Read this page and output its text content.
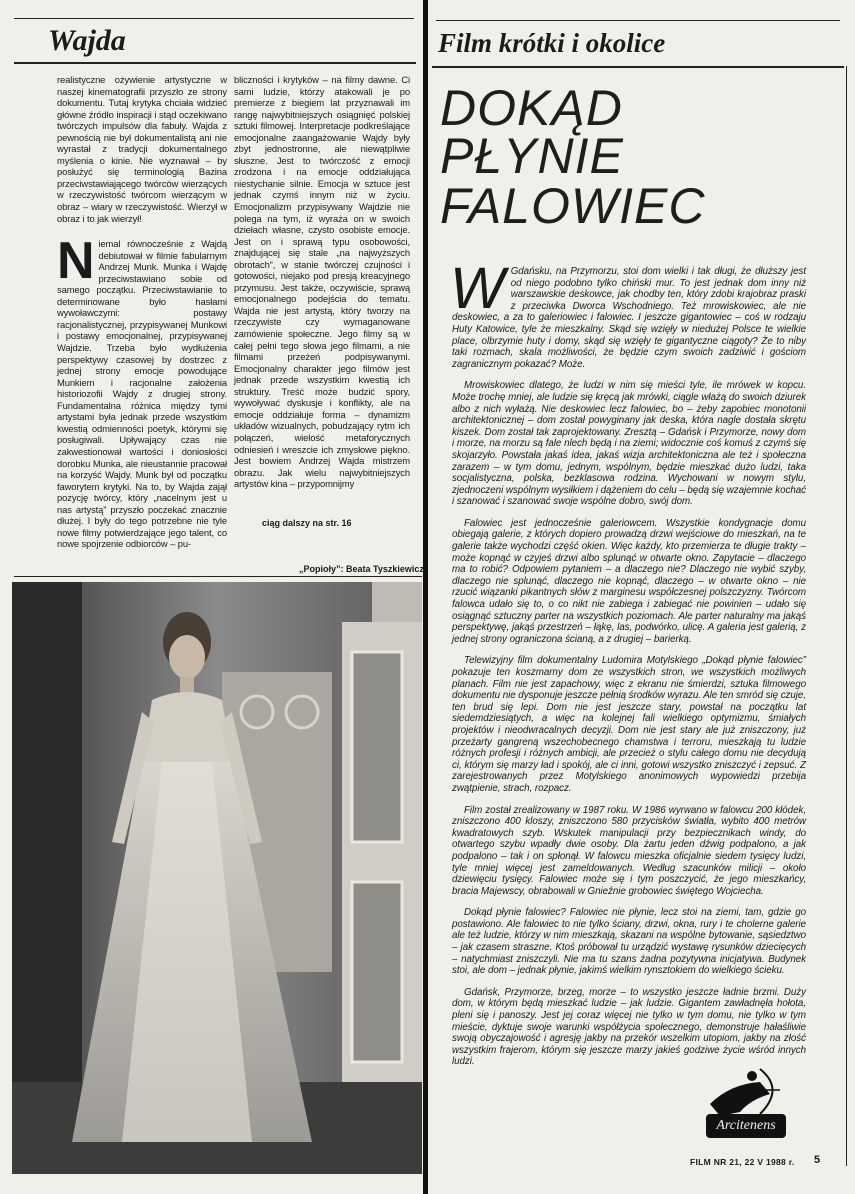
Wajda	Film krótki i okolice

realistyczne ożywienie artystyczne w naszej kinematografii przyszło ze strony dokumentu. Tutaj krytyka chciała widzieć główne źródło inspiracji i stąd oczekiwano twórczych impulsów dla fabuły. Wajda z pewnością nie był dokumentalistą ani nie wyrastał z tradycji dokumentalnego myślenia o kinie. Nie wyznawał – by posłużyć się terminologią Bazina przeciwstawiającego twórców wierzących w rzeczywistość twórcom wierzącym w obraz – wiary w rzeczywistość. Wierzył w obraz i to jak wierzył!

Niemal równocześnie z Wajdą debiutował w filmie fabularnym Andrzej Munk. Munka i Wajdę przeciwstawiano sobie od samego początku. Przeciwstawianie to determinowane było hasłami wywoławczymi: postawy racjonalistycznej, przypisywanej Munkowi i postawy emocjonalnej, przypisywanej Wajdzie. Trzeba było wydłużenia perspektywy czasowej by dostrzec z jednej strony emocje powodujące Munkiem i racjonalne założenia historiozofii Wajdy z drugiej strony. Fundamentalna różnica między tymi artystami była jednak przede wszystkim kwestią odmienności poetyk, którymi się posługiwali. Upływający czas nie zakwestionował wartości i doniosłości dorobku Munka, ale nieustannie pracował na korzyść Wajdy. Munk był od początku faworytem krytyki. Na to, by Wajda zajął pozycję twórcy, który „nacelnym jest u nas artystą” przyszło poczekać znacznie dłużej. I były do tego potrzebne nie tyle nowe filmy potwierdzające jego talent, co nowe spojrzenie odbiorców – pu-

bliczności i krytyków – na filmy dawne. Ci sami ludzie, którzy atakowali je po premierze z biegiem lat przyznawali im rangę najwybitniejszych osiągnięć polskiej sztuki filmowej. Interpretacje podkreślające emocjonalne zaangażowanie Wajdy były zbyt jednostronne, ale niewątpliwie słuszne. Jest to twórczość z emocji zrodzona i na emocje oddziałująca niestychanie silnie. Emocja w sztuce jest jednak czymś innym niż w życiu. Emocjonalizm przypisywany Wajdzie nie polega na tym, iż wyraża on w swoich dziełach własne, czysto osobiste emocje. Jest on i sprawą typu osobowości, znajdującej się stale „na najwyższych obrotach”, w stanie twórczej czujności i gotowości, niejako pod presją kreacyjnego przymusu. Jest także, oczywiście, sprawą emocjonalnego podejścia do tematu. Wajda nie jest artystą, który tworzy na rzeczywiste czy wymaganowane zamówienie społeczne. Jego filmy są w całej pełni tego słowa jego filmami, a nie filmami przeżeń podpisywanymi. Emocjonalny charakter jego filmów jest jednak przede wszystkim kwestią ich struktury. Treść może budzić spory, wywoływać dyskusje i konflikty, ale na emocje oddziałuje forma – dynamizm układów wizualnych, pobudzający rytm ich połączeń, wielość metaforycznych odniesień i wreszcie ich zmysłowe piękno. Jest bowiem Andrzej Wajda mistrzem obrazu. Jak wielu najwybitniejszych artystów kina – przypomnijmy

ciąg dalszy na str. 16
„Popioły”: Beata Tyszkiewicz
DOKĄD
PŁYNIE
FALOWIEC

W Gdańsku, na Przymorzu, stoi dom wielki i tak długi, że dłuższy jest od niego podobno tylko chiński mur. To jest jednak dom inny niż warszawskie deskowce, jak chodby ten, który zdobi krajobraz praski z przeciwka Dworca Wschodniego. Też mrowiskowiec, ale nie deskowiec, a za to galeriowiec i falowiec. I jeszcze gigantowiec – coś w rodzaju Huty Katowice, tyle że mieszkalny. Skąd się wzięły w niedużej Polsce te wielkie place, olbrzymie huty i domy, skąd się wzięły te gigantyczne ciągoty? Że to niby taki rozmach, skala możliwości, że będzie czym swoich zadziwić i gościom zagranicznym pokazać? Może.

Mrowiskowiec dlatego, że ludzi w nim się mieści tyle, ile mrówek w kopcu. Może trochę mniej, ale ludzie się kręcą jak mrówki, ciągle włażą do swoich dziurek albo z nich wyłażą. Nie deskowiec lecz falowiec, bo – żeby zapobiec monotonii architektonicznej – dom został powyginany jak deska, która nagle dostała skrętu kiszek. Dom został tak zaprojektowany. Zresztą – Gdańsk i Przymorze, nowy dom i morze, na morzu są fale nlech będą i na ziemi; widocznie coś komuś z czymś się skojarzyło. Powstała jakaś idea, jakaś wizja architektoniczna ale też i społeczna zarazem – w tym domu, jednym, wspólnym, będzie mieszkać dużo ludzi, taka socjalistyczna, polska, bezklasowa rodzina. Wychowani w nowym stylu, zjednoczeni wspólnym wysiłkiem i dążeniem do celu – będą się wzajemnie kochać i szanować i szanować swoje wspólne dobro, swój dom.

Falowiec jest jednocześnie galeriowcem. Wszystkie kondygnacje domu obiegają galerie, z których dopiero prowadzą drzwi wejściowe do mieszkań, na te galerie także wychodzi część okien. Więc każdy, kto przemierza te długie trakty – może kopnąć w czyjeś drzwi albo splunąć w otwarte okno. Zapytacie – dlaczego ma to robić? Odpowiem pytaniem – a dlaczego nie? Dlaczego nie wybić szyby, dlaczego nie splunąć, dlaczego nie kopnąć, dlaczego – w otwarte okno – nie rzucić wiązanki pikantnych słów z marginesu współczesnej polszczyzny. Twórcom falowca udało się to, o co nikt nie zabiega i zabiegać nie powinien – udało się osiągnąć sztuczny parter na wszystkich poziomach. Ale parter naturalny ma jakąś perspektywę, jakąś przestrzeń – łąkę, las, podwórko, ulicę. A galeria jest galerią, z jednej strony ograniczona ścianą, a z drugiej – barierką.

Telewizyjny film dokumentalny Ludomira Motylskiego „Dokąd płynie falowiec” pokazuje ten koszmarny dom ze wszystkich stron, we wszystkich możliwych planach. Film nie jest zapachowy, więc z ekranu nie śmierdzi, sztuka filmowego dokumentu nie dysponuje jeszcze pełnią środków wyrazu. Ale ten smród się czuje, ten brud się lepi. Dom nie jest jeszcze stary, powstał na początku lat siedemdziesiątych, a więc na kolejnej fali wielkiego optymizmu, śmiałych projektów i nieodwracalnych decyzji. Dom nie jest stary ale już zniszczony, już przeżarty gangreną wszechobecnego chamstwa i terroru, mieszkają tu ludzie różnych profesji i różnych ambicji, ale przecież o stylu całego domu nie decydują ci, którym się marzy ład i spokój, ale ci inni, gotowi wszystko zniszczyć i zepsuć. Z zarejestrowanych przez Motylskiego anonimowych wypowiedzi przebija zwątpienie, strach, rozpacz.

Film został zrealizowany w 1987 roku. W 1986 wyrwano w falowcu 200 kłódek, zniszczono 400 kloszy, zniszczono 580 przycisków światła, wybito 400 metrów kwadratowych szyb. Wskutek manipulacji przy bezpiecznikach windy, do otwartego szybu wpadły dwie osoby. Dla żartu jeden dźwig podpalono, a jak podpalono – tak i on spłonął. W falowcu mieszka oficjalnie siedem tysięcy ludzi, tyle mniej więcej jest zameldowanych. Według szacunków milicji – około dziewięciu tysięcy. Falowiec może się i tym poszczycić, że jego mieszkańcy, bracia Majewscy, obrabowali w Gnieźnie grobowiec świętego Wojciecha.

Dokąd płynie falowiec? Falowiec nie płynie, lecz stoi na ziemi, tam, gdzie go postawiono. Ale falowiec to nie tylko ściany, drzwi, okna, rury i te cholerne galerie ale też ludzie, którzy w nim mieszkają, skazani na wspólne bytowanie, sąsiedztwo – jak czasem straszne. Ktoś próbował tu urządzić wystawę rysunków dziecięcych – natychmiast zniszczyli. Nie ma tu szans żadna pozytywna inicjatywa. Budynek stoi, ale dom – jednak płynie, jakimś wielkim rynsztokiem do wielkiego ścieku.

Gdańsk, Przymorze, brzeg, morze – to wszystko jeszcze ładnie brzmi. Duży dom, w którym będą mieszkać ludzie – jak ludzie. Gigantem zawładnęła hołota, pleni się i panoszy. Jest jej coraz więcej nie tylko w tym domu, nie tylko w tym mieście, dyktuje swoje warunki współżycia społecznego, demonstruje hałaśliwie swoją obyczajowość i agresję jakby na przekór wszelkim utopiom, jakby na złość wszystkim frajerom, którym się jeszcze marzy jakieś godziwe życie wśród innych ludzi.

Arcitenens
FILM NR 21, 22 V 1988 r. 5
